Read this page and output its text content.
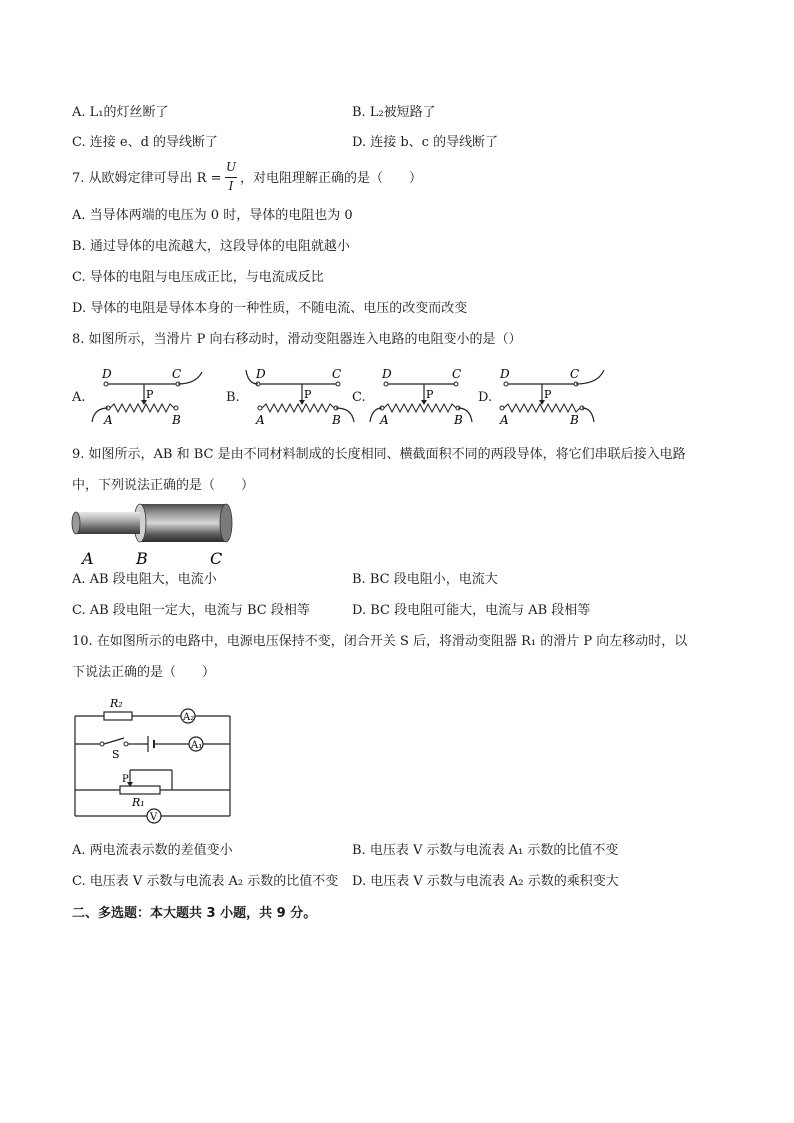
A. L₁的灯丝断了	B. L₂被短路了
C. 连接 e、d 的导线断了	D. 连接 b、c 的导线断了
7. 从欧姆定律可导出 R =
U
I ，对电阻理解正确的是（　　）
A. 当导体两端的电压为 0 时，导体的电阻也为 0
B. 通过导体的电流越大，这段导体的电阻就越小
C. 导体的电阻与电压成正比，与电流成反比
D. 导体的电阻是导体本身的一种性质，不随电流、电压的改变而改变
8. 如图所示，当滑片 P 向右移动时，滑动变阻器连入电路的电阻变小的是（）
A.
D	C
P
A	B
B.
D	C
P
A	B
C.
D	C
P
A	B
D.
D	C
P
A	B
9. 如图所示，AB 和 BC 是由不同材料制成的长度相同、横截面积不同的两段导体，将它们串联后接入电路
中，下列说法正确的是（　　）
A	B	C
A. AB 段电阻大，电流小	B. BC 段电阻小，电流大
C. AB 段电阻一定大，电流与 BC 段相等	D. BC 段电阻可能大，电流与 AB 段相等
10. 在如图所示的电路中，电源电压保持不变，闭合开关 S 后，将滑动变阻器 R₁ 的滑片 P 向左移动时，以
下说法正确的是（　　）
R₂
A₂
S
A₁
P
R₁
V
A. 两电流表示数的差值变小	B. 电压表 V 示数与电流表 A₁ 示数的比值不变
C. 电压表 V 示数与电流表 A₂ 示数的比值不变 D. 电压表 V 示数与电流表 A₂ 示数的乘积变大
二、多选题：本大题共 3 小题，共 9 分。
